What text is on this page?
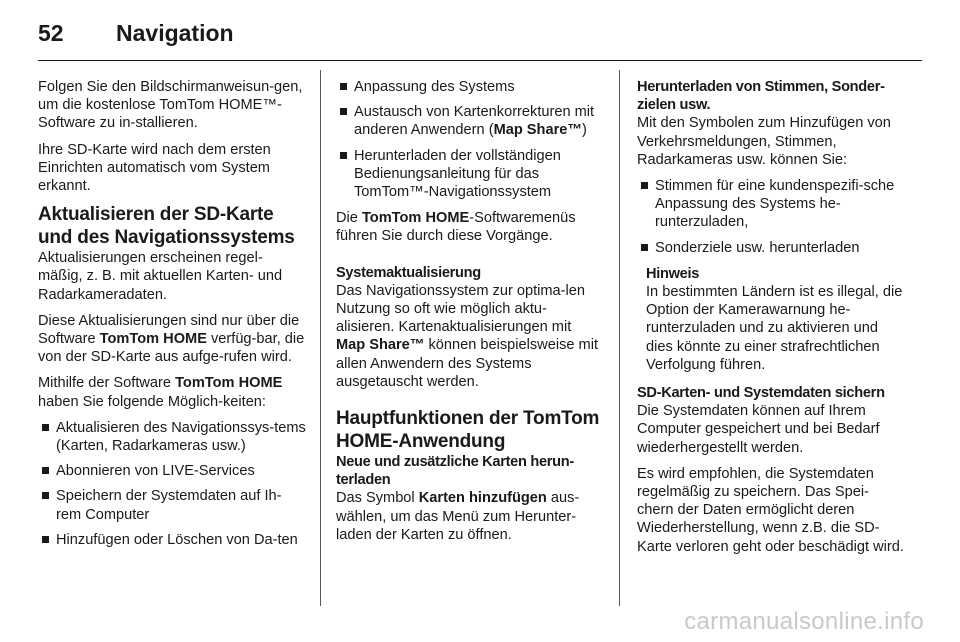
52	Navigation

Folgen Sie den Bildschirmanweisun-gen, um die kostenlose TomTom HOME™-Software zu in-stallieren.

Ihre SD-Karte wird nach dem ersten Einrichten automatisch vom System erkannt.

Aktualisieren der SD-Karte und des Navigationssystems

Aktualisierungen erscheinen regel-mäßig, z. B. mit aktuellen Karten- und Radarkameradaten.

Diese Aktualisierungen sind nur über die Software TomTom HOME verfüg-bar, die von der SD-Karte aus aufge-rufen wird.

Mithilfe der Software TomTom HOME haben Sie folgende Möglich-keiten:

Aktualisieren des Navigationssys-tems (Karten, Radarkameras usw.)
Abonnieren von LIVE-Services
Speichern der Systemdaten auf Ih-rem Computer
Hinzufügen oder Löschen von Da-ten
Anpassung des Systems
Austausch von Kartenkorrekturen mit anderen Anwendern (Map Share™)
Herunterladen der vollständigen Bedienungsanleitung für das TomTom™-Navigationssystem

Die TomTom HOME-Softwaremenüs führen Sie durch diese Vorgänge.

Systemaktualisierung

Das Navigationssystem zur optima-len Nutzung so oft wie möglich aktu-alisieren. Kartenaktualisierungen mit Map Share™ können beispielsweise mit allen Anwendern des Systems ausgetauscht werden.

Hauptfunktionen der TomTom HOME-Anwendung
Neue und zusätzliche Karten herun-terladen

Das Symbol Karten hinzufügen aus-wählen, um das Menü zum Herunter-laden der Karten zu öffnen.

Herunterladen von Stimmen, Sonder-zielen usw.

Mit den Symbolen zum Hinzufügen von Verkehrsmeldungen, Stimmen, Radarkameras usw. können Sie:

Stimmen für eine kundenspezifi-sche Anpassung des Systems he-runterzuladen,
Sonderziele usw. herunterladen
Hinweis
In bestimmten Ländern ist es illegal, die Option der Kamerawarnung he-runterzuladen und zu aktivieren und dies könnte zu einer strafrechtlichen Verfolgung führen.
SD-Karten- und Systemdaten sichern

Die Systemdaten können auf Ihrem Computer gespeichert und bei Bedarf wiederhergestellt werden.

Es wird empfohlen, die Systemdaten regelmäßig zu speichern. Das Spei-chern der Daten ermöglicht deren Wiederherstellung, wenn z.B. die SD-Karte verloren geht oder beschädigt wird.

carmanualsonline.info
